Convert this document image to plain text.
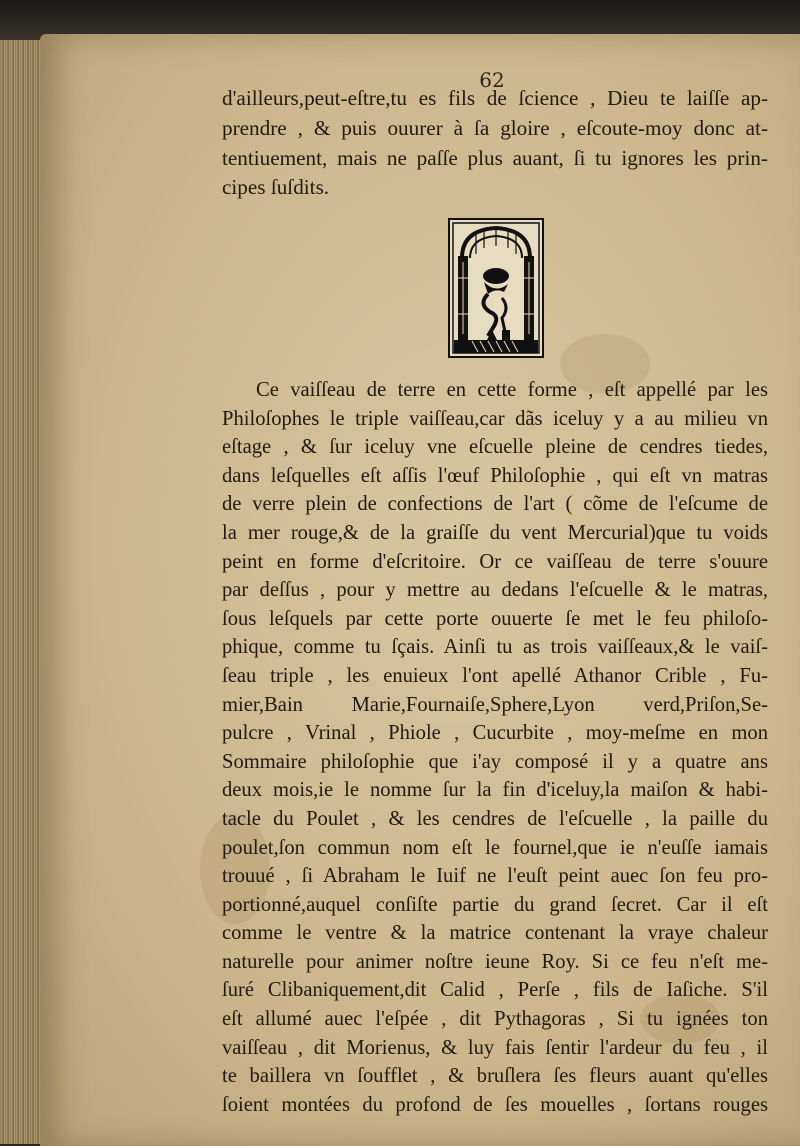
62
d'ailleurs,peut-eſtre,tu es fils de ſcience , Dieu te laiſſe ap-
prendre , & puis ouurer à ſa gloire , eſcoute-moy donc at-
tentiuement, mais ne paſſe plus auant, ſi tu ignores les prin-
cipes ſuſdits.
Ce vaiſſeau de terre en cette forme , eſt appellé par les
Philoſophes le triple vaiſſeau,car dãs iceluy y a au milieu vn
eſtage , & ſur iceluy vne eſcuelle pleine de cendres tiedes,
dans leſquelles eſt aſſis l'œuf Philoſophie , qui eſt vn matras
de verre plein de confections de l'art ( cõme de l'eſcume de
la mer rouge,& de la graiſſe du vent Mercurial)que tu voids
peint en forme d'eſcritoire. Or ce vaiſſeau de terre s'ouure
par deſſus , pour y mettre au dedans l'eſcuelle & le matras,
ſous leſquels par cette porte ouuerte ſe met le feu philoſo-
phique, comme tu ſçais. Ainſi tu as trois vaiſſeaux,& le vaiſ-
ſeau triple , les enuieux l'ont apellé Athanor Crible , Fu-
mier,Bain Marie,Fournaiſe,Sphere,Lyon verd,Priſon,Se-
pulcre , Vrinal , Phiole , Cucurbite , moy-meſme en mon
Sommaire philoſophie que i'ay composé il y a quatre ans
deux mois,ie le nomme ſur la fin d'iceluy,la maiſon & habi-
tacle du Poulet , & les cendres de l'eſcuelle , la paille du
poulet,ſon commun nom eſt le fournel,que ie n'euſſe iamais
trouué , ſi Abraham le Iuif ne l'euſt peint auec ſon feu pro-
portionné,auquel conſiſte partie du grand ſecret. Car il eſt
comme le ventre & la matrice contenant la vraye chaleur
naturelle pour animer noſtre ieune Roy. Si ce feu n'eſt me-
ſuré Clibaniquement,dit Calid , Perſe , fils de Iaſiche. S'il
eſt allumé auec l'eſpée , dit Pythagoras , Si tu ignées ton
vaiſſeau , dit Morienus, & luy fais ſentir l'ardeur du feu , il
te baillera vn ſoufflet , & bruſlera ſes fleurs auant qu'elles
ſoient montées du profond de ſes mouelles , ſortans rouges
